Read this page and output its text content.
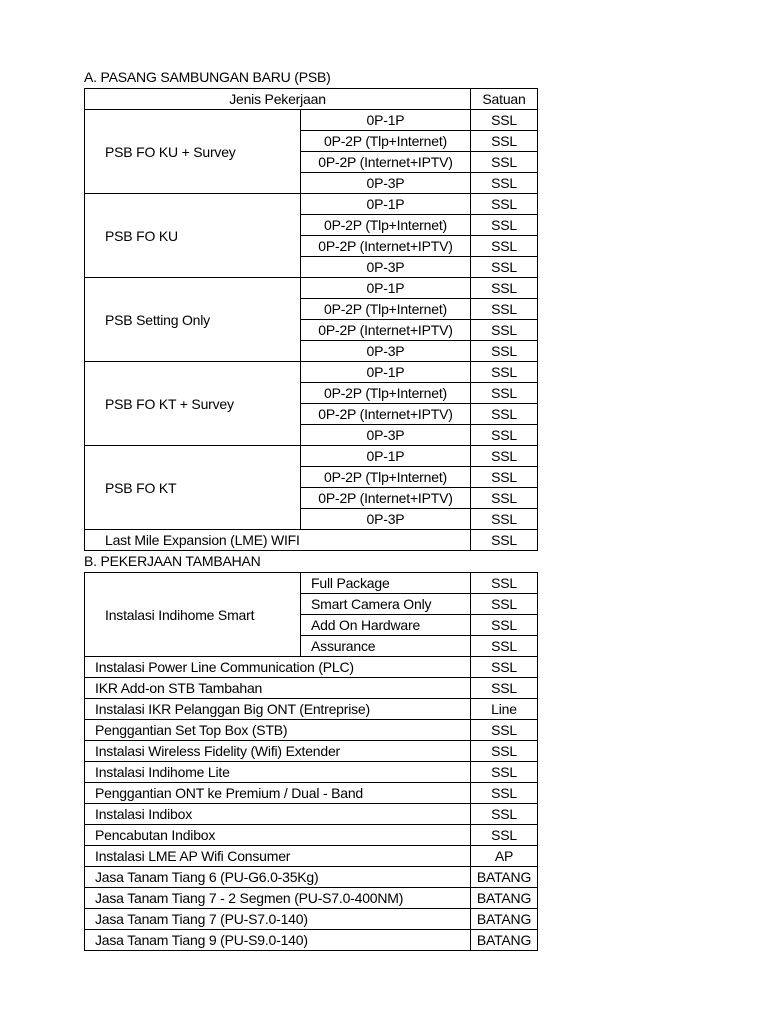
A. PASANG SAMBUNGAN BARU (PSB)
Jenis Pekerjaan		Satuan
PSB FO KU + Survey	0P-1P	SSL
	0P-2P (Tlp+Internet)	SSL
	0P-2P (Internet+IPTV)	SSL
	0P-3P	SSL
PSB FO KU	0P-1P	SSL
	0P-2P (Tlp+Internet)	SSL
	0P-2P (Internet+IPTV)	SSL
	0P-3P	SSL
PSB Setting Only	0P-1P	SSL
	0P-2P (Tlp+Internet)	SSL
	0P-2P (Internet+IPTV)	SSL
	0P-3P	SSL
PSB FO KT + Survey	0P-1P	SSL
	0P-2P (Tlp+Internet)	SSL
	0P-2P (Internet+IPTV)	SSL
	0P-3P	SSL
PSB FO KT	0P-1P	SSL
	0P-2P (Tlp+Internet)	SSL
	0P-2P (Internet+IPTV)	SSL
	0P-3P	SSL
Last Mile Expansion (LME) WIFI		SSL
B. PEKERJAAN TAMBAHAN
Instalasi Indihome Smart	Full Package	SSL
	Smart Camera Only	SSL
	Add On Hardware	SSL
	Assurance	SSL
Instalasi Power Line Communication (PLC)		SSL
IKR Add-on STB Tambahan		SSL
Instalasi IKR Pelanggan Big ONT (Entreprise)		Line
Penggantian Set Top Box (STB)		SSL
Instalasi Wireless Fidelity (Wifi) Extender		SSL
Instalasi Indihome Lite		SSL
Penggantian ONT ke Premium / Dual - Band		SSL
Instalasi Indibox		SSL
Pencabutan Indibox		SSL
Instalasi LME AP Wifi Consumer		AP
Jasa Tanam Tiang 6 (PU-G6.0-35Kg)		BATANG
Jasa Tanam Tiang 7 - 2 Segmen (PU-S7.0-400NM)		BATANG
Jasa Tanam Tiang 7 (PU-S7.0-140)		BATANG
Jasa Tanam Tiang 9 (PU-S9.0-140)		BATANG
